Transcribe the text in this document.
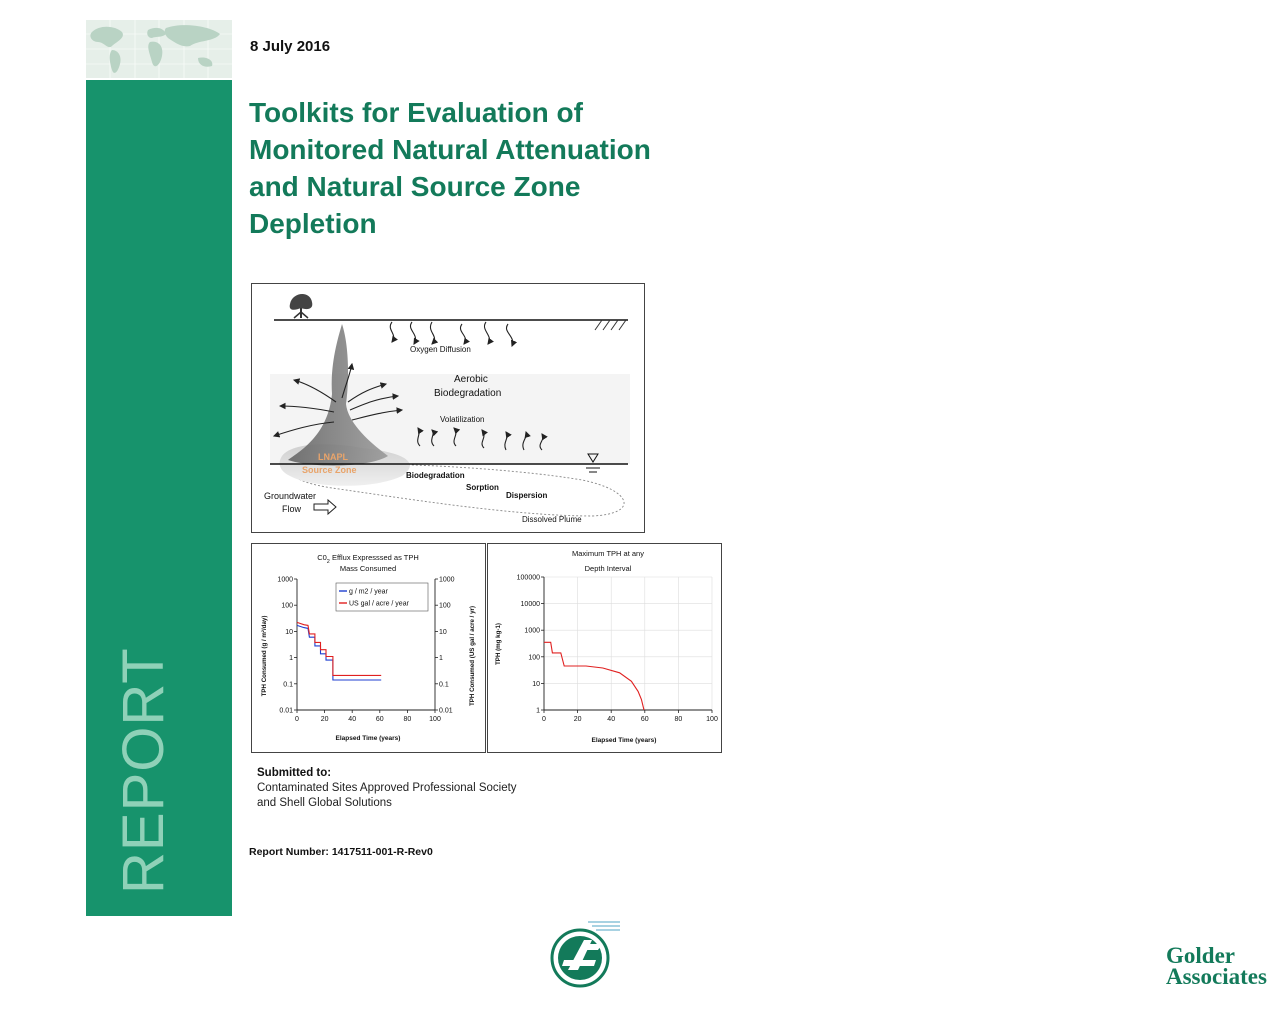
REPORT
8 July 2016
Toolkits for Evaluation of
Monitored Natural Attenuation
and Natural Source Zone
Depletion
Oxygen Diffusion
Aerobic
Biodegradation
Volatilization
LNAPL
Source Zone
Biodegradation
Sorption
Dispersion
Groundwater
Flow
Dissolved Plume
$C0_2$ Efflux Expresssed as TPH
Mass Consumed
Elapsed Time (years)
TPH Consumed (g / m²/day)	TPH Consumed (US gal / acre / yr)
0.01	0.01
0.1	0.1
1	1
10	10
100	100
1000	1000
0	20	40	60	80	100
g / m2 / year
US gal / acre / year
Maximum TPH at any
Depth Interval
Elapsed Time (years)
TPH (mg kg-1)
1
10
100
1000
10000
100000
0	20	40	60	80	100
Submitted to:
Contaminated Sites Approved Professional Society
and Shell Global Solutions
Report Number: 1417511-001-R-Rev0
Golder
Associates
